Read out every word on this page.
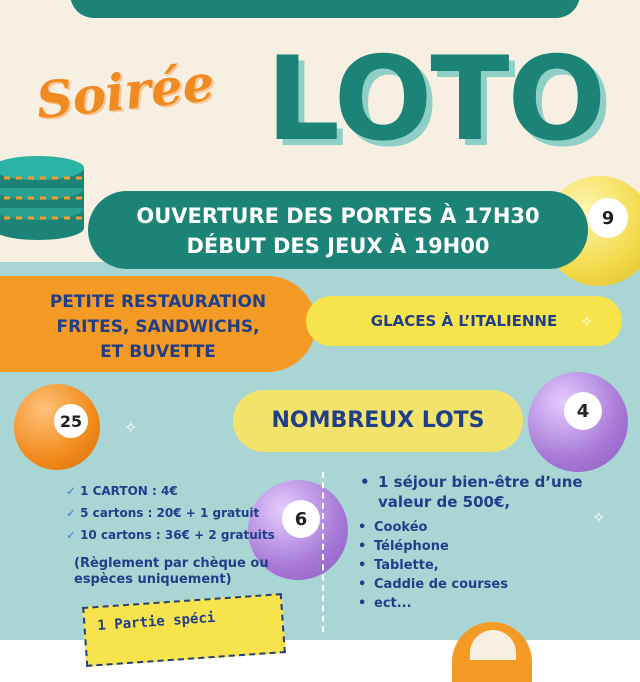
Soirée LOTO
9
OUVERTURE DES PORTES À 17H30
DÉBUT DES JEUX À 19H00
PETITE RESTAURATION
FRITES, SANDWICHS,
ET BUVETTE
GLACES À L’ITALIENNE
25	NOMBREUX LOTS	4
6
✓ 1 CARTON : 4€
✓ 5 cartons : 20€ + 1 gratuit
✓ 10 cartons : 36€ + 2 gratuits
(Règlement par chèque ou
espèces uniquement)
• 1 séjour bien-être d’une
valeur de 500€,
• Cookéo
• Téléphone
• Tablette,
• Caddie de courses
• ect...
1 Partie spéci
✧
✧
✧
